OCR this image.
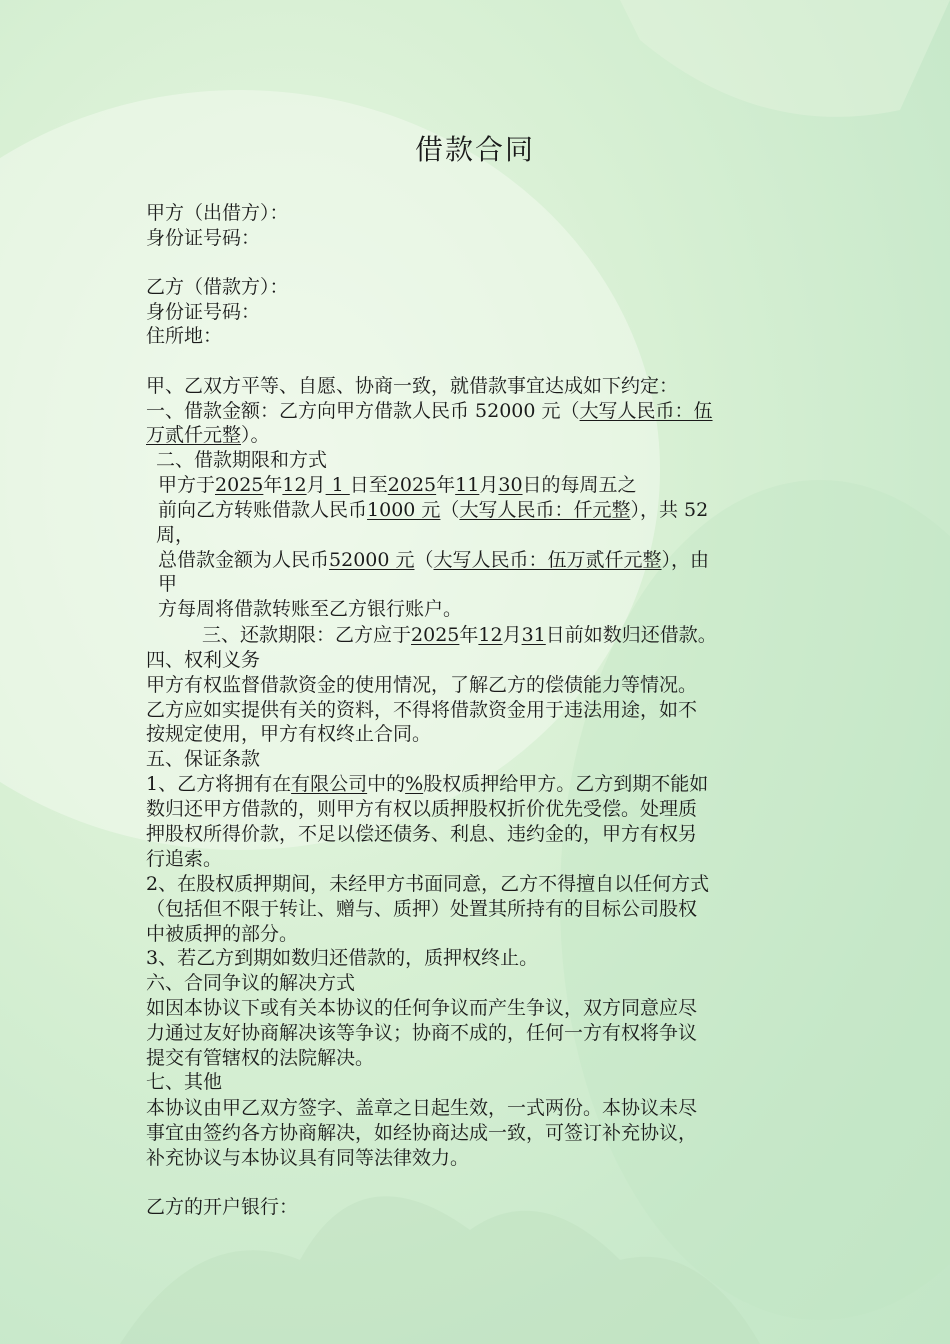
借款合同
甲方（出借方）：
身份证号码：
乙方（借款方）：
身份证号码：
住所地：
甲、乙双方平等、自愿、协商一致，就借款事宜达成如下约定：
一、借款金额：乙方向甲方借款人民币 52000 元（大写人民币：伍
万贰仟元整）。
二、借款期限和方式
甲方于2025年12月 1 日至2025年11月30日的每周五之
前向乙方转账借款人民币1000 元（大写人民币：仟元整），共 52
周，
总借款金额为人民币52000 元（大写人民币：伍万贰仟元整），由
甲
方每周将借款转账至乙方银行账户。
三、还款期限：乙方应于2025年12月31日前如数归还借款。
四、权利义务
甲方有权监督借款资金的使用情况，了解乙方的偿债能力等情况。
乙方应如实提供有关的资料，不得将借款资金用于违法用途，如不
按规定使用，甲方有权终止合同。
五、保证条款
1、乙方将拥有在有限公司中的%股权质押给甲方。乙方到期不能如
数归还甲方借款的，则甲方有权以质押股权折价优先受偿。处理质
押股权所得价款，不足以偿还债务、利息、违约金的，甲方有权另
行追索。
2、在股权质押期间，未经甲方书面同意，乙方不得擅自以任何方式
（包括但不限于转让、赠与、质押）处置其所持有的目标公司股权
中被质押的部分。
3、若乙方到期如数归还借款的，质押权终止。
六、合同争议的解决方式
如因本协议下或有关本协议的任何争议而产生争议，双方同意应尽
力通过友好协商解决该等争议；协商不成的，任何一方有权将争议
提交有管辖权的法院解决。
七、其他
本协议由甲乙双方签字、盖章之日起生效，一式两份。本协议未尽
事宜由签约各方协商解决，如经协商达成一致，可签订补充协议，
补充协议与本协议具有同等法律效力。
乙方的开户银行：
